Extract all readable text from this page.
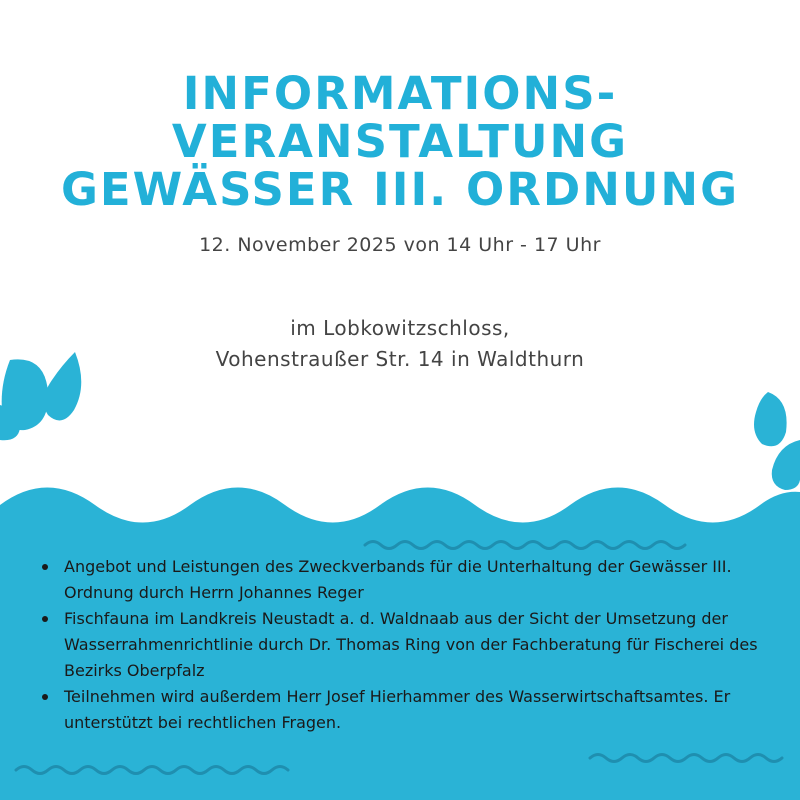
INFORMATIONS-
VERANSTALTUNG
GEWÄSSER III. ORDNUNG
12. November 2025 von 14 Uhr - 17 Uhr
im Lobkowitzschloss,
Vohenstraußer Str. 14 in Waldthurn
Angebot und Leistungen des Zweckverbands für die Unterhaltung der Gewässer III. Ordnung durch Herrn Johannes Reger
Fischfauna im Landkreis Neustadt a. d. Waldnaab aus der Sicht der Umsetzung der Wasserrahmenrichtlinie durch Dr. Thomas Ring von der Fachberatung für Fischerei des Bezirks Oberpfalz
Teilnehmen wird außerdem Herr Josef Hierhammer des Wasserwirtschaftsamtes. Er unterstützt bei rechtlichen Fragen.
